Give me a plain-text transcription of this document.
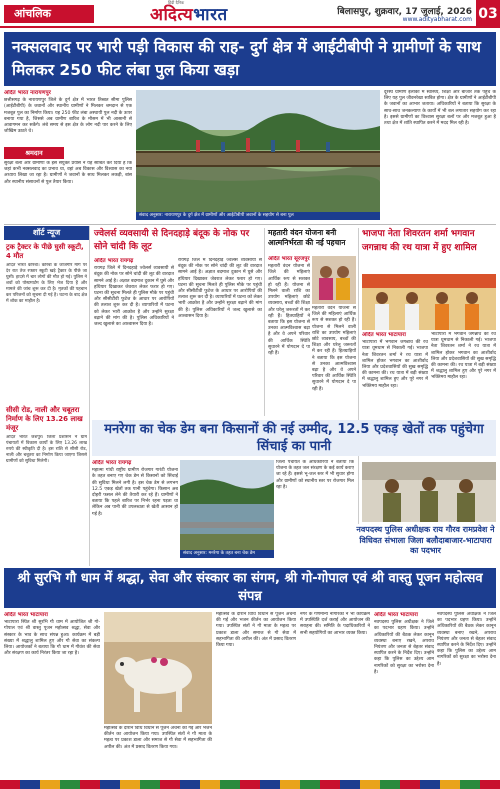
आंचलिक
हिंदी दैनिक
अदित्यभारत	बिलासपुर, शुक्रवार, 17 जुलाई, 2026
www.adityabharat.com 03
नक्सलवाद पर भारी पड़ी विकास की राह- दुर्ग क्षेत्र में आईटीबीपी ने ग्रामीणों के साथ मिलकर 250 फीट लंबा पुल किया खड़ा
अदित भारत नारायणपुर
छत्तीसगढ़ के नारायणपुर जिले के दुर्ग क्षेत्र में भारत तिब्बत सीमा पुलिस (आईटीबीपी) के जवानों और स्थानीय ग्रामीणों ने मिलकर श्रमदान से एक मजबूत पुल का निर्माण किया। यह 250 फीट लंबा अस्थायी पुल नदी के ऊपर बनाया गया है, जिससे अब ग्रामीण बारिश के मौसम में भी आसानी से आवागमन कर सकेंगे। लंबे समय से इस क्षेत्र के लोग नदी पार करने के लिए जोखिम उठाते थे।
श्रमदान
सुरक्षा बलों और ग्रामीणों के इस संयुक्त प्रयास ने यह साबित कर दिया है कि जहां कभी नक्सलवाद का प्रभाव था, वहां अब विकास और विश्वास का नया अध्याय लिखा जा रहा है। ग्रामीणों ने जवानों के साथ मिलकर लकड़ी, बांस और स्थानीय संसाधनों से पुल तैयार किया।
संवाद अनुसार: नारायणपुर के दुर्ग क्षेत्र में ग्रामीणों और आईटीबीपी जवानों के सहयोग से बना पुल
दूरस्थ ग्रामीण इलाकों में स्वास्थ्य, शिक्षा और बाजार तक पहुंच के लिए यह पुल जीवनरेखा साबित होगा। क्षेत्र के ग्रामीणों ने आईटीबीपी के जवानों का आभार जताया। अधिकारियों ने बताया कि सुरक्षा के साथ-साथ जनकल्याण के कार्यों में भी बल लगातार सहयोग कर रहा है। इससे ग्रामीणों का विश्वास सुरक्षा बलों पर और मजबूत हुआ है तथा क्षेत्र में शांति स्थापित करने में मदद मिल रही है।
शॉर्ट न्यूज
ट्रक ट्रैक्टर के पीछे घुसी स्कूटी, 4 मौत

अदित भारत कोरबा। कोरबा के जांजगीर मार्ग पर देर रात तेज रफ्तार स्कूटी खड़े ट्रैक्टर के पीछे जा घुसी। हादसे में चार लोगों की मौत हो गई। पुलिस ने शवों को पोस्टमार्टम के लिए भेज दिया है और मामले की जांच शुरू कर दी है। मृतकों की पहचान कर परिजनों को सूचना दी गई है। घटना के बाद क्षेत्र में शोक का माहौल है।

सीसी रोड, नाली और चबूतरा निर्माण के लिए 13.26 लाख मंजूर

अदित भारत जशपुर। जिला प्रशासन ने ग्राम पंचायतों में विकास कार्यों के लिए 13.26 लाख रुपये की स्वीकृति दी है। इस राशि से सीसी रोड, नाली और चबूतरा का निर्माण किया जाएगा जिससे ग्रामीणों को सुविधा मिलेगी।

ज्वेलर्स व्यवसायी से दिनदहाड़े बंदूक के नोक पर सोने चांदी कि लूट
अदित भारत रायगढ़
रायगढ़ जिले में दिनदहाड़े ज्वेलर्स व्यवसायी से बंदूक की नोक पर सोने चांदी की लूट की वारदात सामने आई है। अज्ञात बदमाश दुकान में घुसे और हथियार दिखाकर जेवरात लेकर फरार हो गए। घटना की सूचना मिलते ही पुलिस मौके पर पहुंची और सीसीटीवी फुटेज के आधार पर आरोपियों की तलाश शुरू कर दी है। व्यापारियों में घटना को लेकर भारी आक्रोश है और उन्होंने सुरक्षा बढ़ाने की मांग की है। पुलिस अधिकारियों ने जल्द खुलासे का आश्वासन दिया है।
रायगढ़ जिले में दिनदहाड़े ज्वेलर्स व्यवसायी से बंदूक की नोक पर सोने चांदी की लूट की वारदात सामने आई है। अज्ञात बदमाश दुकान में घुसे और हथियार दिखाकर जेवरात लेकर फरार हो गए। घटना की सूचना मिलते ही पुलिस मौके पर पहुंची और सीसीटीवी फुटेज के आधार पर आरोपियों की तलाश शुरू कर दी है। व्यापारियों में घटना को लेकर भारी आक्रोश है और उन्होंने सुरक्षा बढ़ाने की मांग की है। पुलिस अधिकारियों ने जल्द खुलासे का आश्वासन दिया है।
महतारी वंदन योजना बनी आत्मनिर्भरता की नई पहचान
अदित भारत सूरजपुर
महतारी वंदन योजना से जिले की महिलाएं आर्थिक रूप से सशक्त हो रही हैं। योजना से मिलने वाली राशि का उपयोग महिलाएं छोटे व्यवसाय, बच्चों की शिक्षा और घरेलू जरूरतों में कर रही हैं। हितग्राहियों ने बताया कि इस योजना से उनका आत्मविश्वास बढ़ा है और वे अपने परिवार की आर्थिक स्थिति सुधारने में योगदान दे पा रही हैं।
महतारी वंदन योजना से जिले की महिलाएं आर्थिक रूप से सशक्त हो रही हैं। योजना से मिलने वाली राशि का उपयोग महिलाएं छोटे व्यवसाय, बच्चों की शिक्षा और घरेलू जरूरतों में कर रही हैं। हितग्राहियों ने बताया कि इस योजना से उनका आत्मविश्वास बढ़ा है और वे अपने परिवार की आर्थिक स्थिति सुधारने में योगदान दे पा रही हैं।
भाजपा नेता शिवरतन शर्मा भगवान जगन्नाथ की रथ यात्रा में हुए शामिल
अदित भारत भाटापारा
भाटापारा में भगवान जगन्नाथ की रथ यात्रा धूमधाम से निकाली गई। भाजपा नेता शिवरतन शर्मा ने रथ यात्रा में शामिल होकर भगवान का आशीर्वाद लिया और प्रदेशवासियों की सुख समृद्धि की कामना की। रथ यात्रा में बड़ी संख्या में श्रद्धालु शामिल हुए और पूरे नगर में भक्तिमय माहौल रहा।
भाटापारा में भगवान जगन्नाथ की रथ यात्रा धूमधाम से निकाली गई। भाजपा नेता शिवरतन शर्मा ने रथ यात्रा में शामिल होकर भगवान का आशीर्वाद लिया और प्रदेशवासियों की सुख समृद्धि की कामना की। रथ यात्रा में बड़ी संख्या में श्रद्धालु शामिल हुए और पूरे नगर में भक्तिमय माहौल रहा।
मनरेगा का चेक डेम बना किसानों की नई उम्मीद, 12.5 एकड़ खेतों तक पहुंचेगा सिंचाई का पानी
अदित भारत रायगढ़
महात्मा गांधी राष्ट्रीय ग्रामीण रोजगार गारंटी योजना के तहत बनाए गए चेक डेम से किसानों को सिंचाई की सुविधा मिलने लगी है। इस चेक डेम से लगभग 12.5 एकड़ खेतों तक पानी पहुंचेगा। किसान अब दोहरी फसल लेने की तैयारी कर रहे हैं। ग्रामीणों ने बताया कि पहले बारिश पर निर्भर रहना पड़ता था लेकिन अब पानी की उपलब्धता से खेती आसान हो गई है।
संवाद अनुसार: मनरेगा के तहत बना चेक डेम
जिला पंचायत के अधिकारियों ने बताया कि योजना के तहत जल संरक्षण के कई कार्य कराए जा रहे हैं। इससे भू-जल स्तर में भी सुधार होगा और ग्रामीणों को स्थानीय स्तर पर रोजगार मिल रहा है।
नवपदस्थ पुलिस अधीक्षक राय गौरव रामप्रवेश ने विधिवत संभाला जिला बलौदाबाजार-भाटापारा का पदभार
श्री सुरभि गौ धाम में श्रद्धा, सेवा और संस्कार का संगम, श्री गो-गोपाल एवं श्री वास्तु पूजन महोत्सव संपन्न
अदित भारत भाटापारा
भाटापारा स्थित श्री सुरभि गौ धाम में आयोजित श्री गो-गोपाल एवं श्री वास्तु पूजन महोत्सव श्रद्धा, सेवा और संस्कार के भाव के साथ संपन्न हुआ। कार्यक्रम में बड़ी संख्या में श्रद्धालु शामिल हुए और गौ सेवा का संकल्प लिया। आयोजकों ने बताया कि गौ धाम में गौवंश की सेवा और संरक्षण का कार्य निरंतर किया जा रहा है।
महोत्सव के दौरान विधि विधान से पूजन अर्चना की गई और भजन कीर्तन का आयोजन किया गया। उपस्थित संतों ने गौ माता के महत्व पर प्रकाश डाला और समाज से गौ सेवा में सहभागिता की अपील की। अंत में प्रसाद वितरण किया गया।
महोत्सव के दौरान विधि विधान से पूजन अर्चना की गई और भजन कीर्तन का आयोजन किया गया। उपस्थित संतों ने गौ माता के महत्व पर प्रकाश डाला और समाज से गौ सेवा में सहभागिता की अपील की। अंत में प्रसाद वितरण किया गया।
नगर के गणमान्य नागरिकों ने भी कार्यक्रम में उपस्थिति दर्ज कराई और आयोजन की सराहना की। समिति के पदाधिकारियों ने सभी सहयोगियों का आभार व्यक्त किया।
अदित भारत भाटापारा
नवपदस्थ पुलिस अधीक्षक ने जिले का पदभार ग्रहण किया। उन्होंने अधिकारियों की बैठक लेकर कानून व्यवस्था बनाए रखने, अपराध नियंत्रण और जनता से बेहतर संवाद स्थापित करने के निर्देश दिए। उन्होंने कहा कि पुलिस का उद्देश्य आम नागरिकों को सुरक्षा का भरोसा देना है।
नवपदस्थ पुलिस अधीक्षक ने जिले का पदभार ग्रहण किया। उन्होंने अधिकारियों की बैठक लेकर कानून व्यवस्था बनाए रखने, अपराध नियंत्रण और जनता से बेहतर संवाद स्थापित करने के निर्देश दिए। उन्होंने कहा कि पुलिस का उद्देश्य आम नागरिकों को सुरक्षा का भरोसा देना है।
